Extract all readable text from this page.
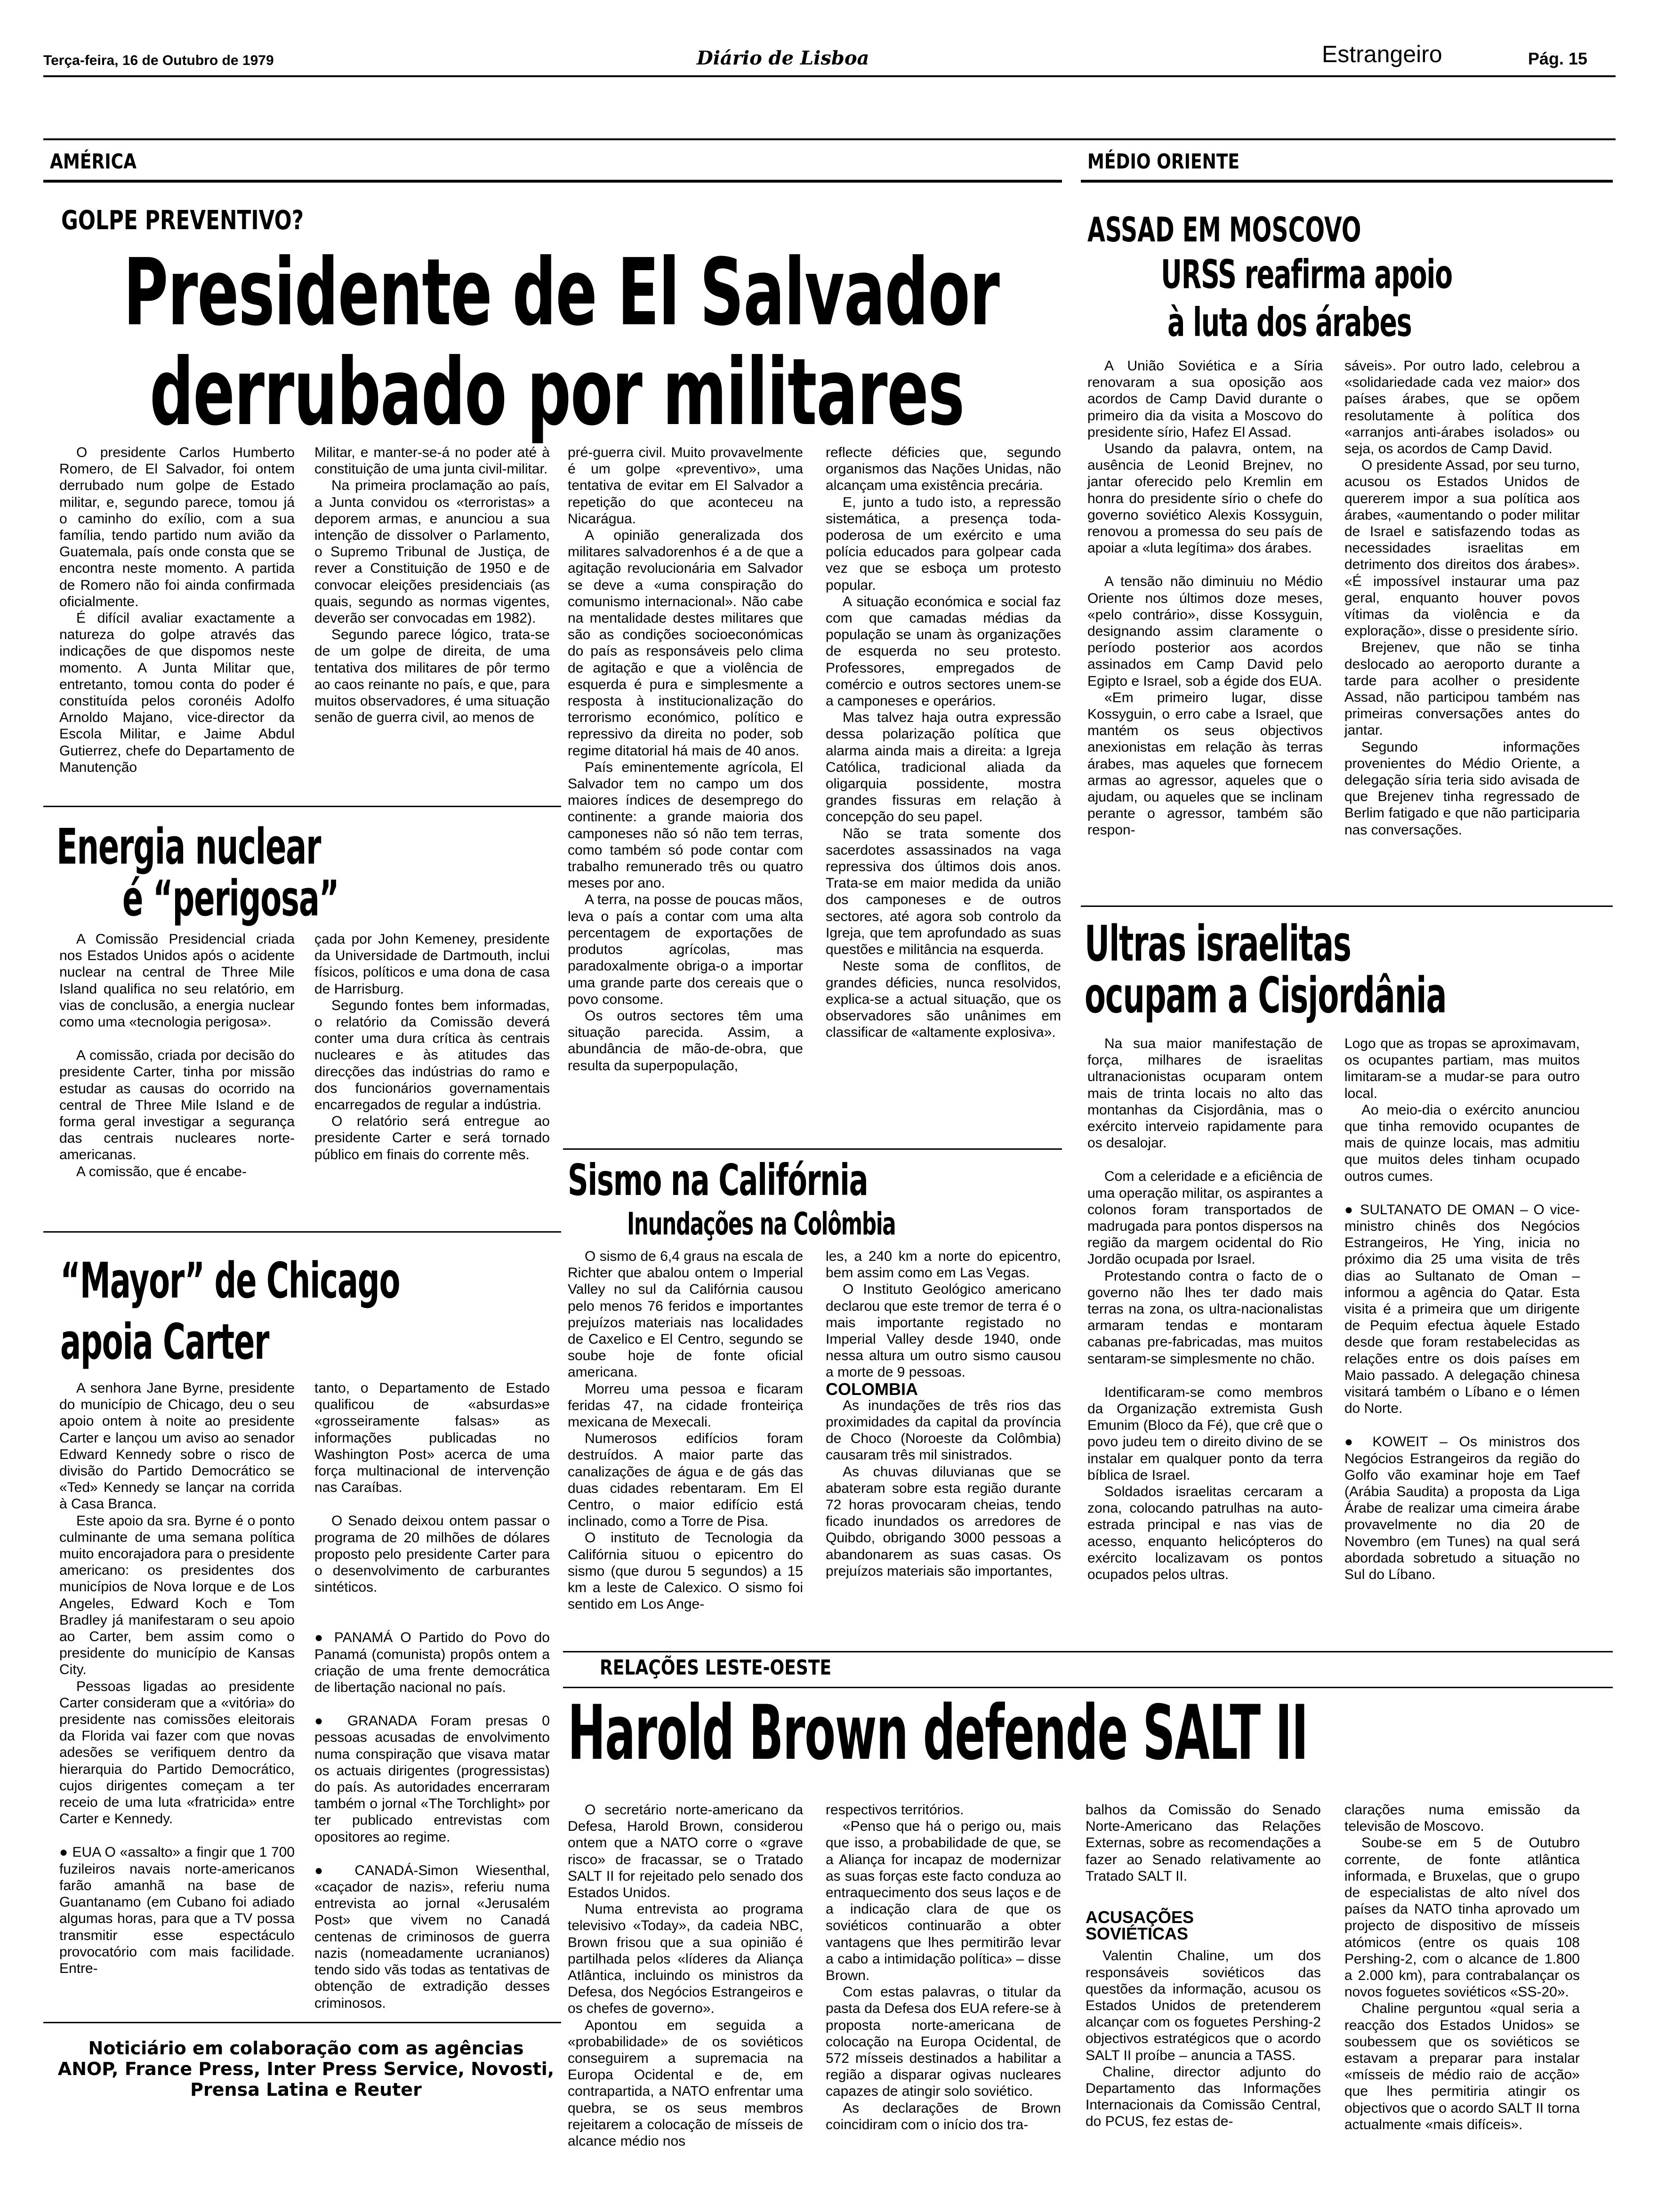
Terça-feira, 16 de Outubro de 1979	Diário de Lisboa	Estrangeiro	Pág. 15
AMÉRICA
GOLPE PREVENTIVO?
Presidente de El Salvador
derrubado por militares

O presidente Carlos Humberto Romero, de El Salvador, foi ontem derrubado num golpe de Estado militar, e, segundo parece, tomou já o caminho do exílio, com a sua família, tendo partido num avião da Guatemala, país onde consta que se encontra neste momento. A partida de Romero não foi ainda confirmada oficialmente.

É difícil avaliar exactamente a natureza do golpe através das indicações de que dispomos neste momento. A Junta Militar que, entretanto, tomou conta do poder é constituída pelos coronéis Adolfo Arnoldo Majano, vice-director da Escola Militar, e Jaime Abdul Gutierrez, chefe do Departamento de Manutenção

Militar, e manter-se-á no poder até à constituição de uma junta civil-militar.

Na primeira proclamação ao país, a Junta convidou os «terroristas» a deporem armas, e anunciou a sua intenção de dissolver o Parlamento, o Supremo Tribunal de Justiça, de rever a Constituição de 1950 e de convocar eleições presidenciais (as quais, segundo as normas vigentes, deverão ser convocadas em 1982).

Segundo parece lógico, trata-se de um golpe de direita, de uma tentativa dos militares de pôr termo ao caos reinante no país, e que, para muitos observadores, é uma situação senão de guerra civil, ao menos de

pré-guerra civil. Muito provavelmente é um golpe «preventivo», uma tentativa de evitar em El Salvador a repetição do que aconteceu na Nicarágua.

A opinião generalizada dos militares salvadorenhos é a de que a agitação revolucionária em Salvador se deve a «uma conspiração do comunismo internacional». Não cabe na mentalidade destes militares que são as condições socioeconómicas do país as responsáveis pelo clima de agitação e que a violência de esquerda é pura e simplesmente a resposta à institucionalização do terrorismo económico, político e repressivo da direita no poder, sob regime ditatorial há mais de 40 anos.

País eminentemente agrícola, El Salvador tem no campo um dos maiores índices de desemprego do continente: a grande maioria dos camponeses não só não tem terras, como também só pode contar com trabalho remunerado três ou quatro meses por ano.

A terra, na posse de poucas mãos, leva o país a contar com uma alta percentagem de exportações de produtos agrícolas, mas paradoxalmente obriga-o a importar uma grande parte dos cereais que o povo consome.

Os outros sectores têm uma situação parecida. Assim, a abundância de mão-de-obra, que resulta da superpopulação,

reflecte déficies que, segundo organismos das Nações Unidas, não alcançam uma existência precária.

E, junto a tudo isto, a repressão sistemática, a presença toda-poderosa de um exército e uma polícia educados para golpear cada vez que se esboça um protesto popular.

A situação económica e social faz com que camadas médias da população se unam às organizações de esquerda no seu protesto. Professores, empregados de comércio e outros sectores unem-se a camponeses e operários.

Mas talvez haja outra expressão dessa polarização política que alarma ainda mais a direita: a Igreja Católica, tradicional aliada da oligarquia possidente, mostra grandes fissuras em relação à concepção do seu papel.

Não se trata somente dos sacerdotes assassinados na vaga repressiva dos últimos dois anos. Trata-se em maior medida da união dos camponeses e de outros sectores, até agora sob controlo da Igreja, que tem aprofundado as suas questões e militância na esquerda.

Neste soma de conflitos, de grandes déficies, nunca resolvidos, explica-se a actual situação, que os observadores são unânimes em classificar de «altamente explosiva».

Energia nuclear
é “perigosa”

A Comissão Presidencial criada nos Estados Unidos após o acidente nuclear na central de Three Mile Island qualifica no seu relatório, em vias de conclusão, a energia nuclear como uma «tecnologia perigosa».

A comissão, criada por decisão do presidente Carter, tinha por missão estudar as causas do ocorrido na central de Three Mile Island e de forma geral investigar a segurança das centrais nucleares norte-americanas.

A comissão, que é encabe-

çada por John Kemeney, presidente da Universidade de Dartmouth, inclui físicos, políticos e uma dona de casa de Harrisburg.

Segundo fontes bem informadas, o relatório da Comissão deverá conter uma dura crítica às centrais nucleares e às atitudes das direcções das indústrias do ramo e dos funcionários governamentais encarregados de regular a indústria.

O relatório será entregue ao presidente Carter e será tornado público em finais do corrente mês.

“Mayor” de Chicago
apoia Carter

A senhora Jane Byrne, presidente do município de Chicago, deu o seu apoio ontem à noite ao presidente Carter e lançou um aviso ao senador Edward Kennedy sobre o risco de divisão do Partido Democrático se «Ted» Kennedy se lançar na corrida à Casa Branca.

Este apoio da sra. Byrne é o ponto culminante de uma semana política muito encorajadora para o presidente americano: os presidentes dos municípios de Nova Iorque e de Los Angeles, Edward Koch e Tom Bradley já manifestaram o seu apoio ao Carter, bem assim como o presidente do município de Kansas City.

Pessoas ligadas ao presidente Carter consideram que a «vitória» do presidente nas comissões eleitorais da Florida vai fazer com que novas adesões se verifiquem dentro da hierarquia do Partido Democrático, cujos dirigentes começam a ter receio de uma luta «fratricida» entre Carter e Kennedy.

● EUA O «assalto» a fingir que 1 700 fuzileiros navais norte-americanos farão amanhã na base de Guantanamo (em Cubano foi adiado algumas horas, para que a TV possa transmitir esse espectáculo provocatório com mais facilidade. Entre-

tanto, o Departamento de Estado qualificou de «absurdas»e «grosseiramente falsas» as informações publicadas no Washington Post» acerca de uma força multinacional de intervenção nas Caraíbas.

O Senado deixou ontem passar o programa de 20 milhões de dólares proposto pelo presidente Carter para o desenvolvimento de carburantes sintéticos.

● PANAMÁ O Partido do Povo do Panamá (comunista) propôs ontem a criação de uma frente democrática de libertação nacional no país.

● GRANADA Foram presas 0 pessoas acusadas de envolvimento numa conspiração que visava matar os actuais dirigentes (progressistas) do país. As autoridades encerraram também o jornal «The Torchlight» por ter publicado entrevistas com opositores ao regime.

● CANADÁ-Simon Wiesenthal, «caçador de nazis», referiu numa entrevista ao jornal «Jerusalém Post» que vivem no Canadá centenas de criminosos de guerra nazis (nomeadamente ucranianos) tendo sido vãs todas as tentativas de obtenção de extradição desses criminosos.

Noticiário em colaboração com as agências ANOP, France Press, Inter Press Service, Novosti, Prensa Latina e Reuter
Sismo na Califórnia
Inundações na Colômbia

O sismo de 6,4 graus na escala de Richter que abalou ontem o Imperial Valley no sul da Califórnia causou pelo menos 76 feridos e importantes prejuízos materiais nas localidades de Caxelico e El Centro, segundo se soube hoje de fonte oficial americana.

Morreu uma pessoa e ficaram feridas 47, na cidade fronteiriça mexicana de Mexecali.

Numerosos edifícios foram destruídos. A maior parte das canalizações de água e de gás das duas cidades rebentaram. Em El Centro, o maior edifício está inclinado, como a Torre de Pisa.

O instituto de Tecnologia da Califórnia situou o epicentro do sismo (que durou 5 segundos) a 15 km a leste de Calexico. O sismo foi sentido em Los Ange-

les, a 240 km a norte do epicentro, bem assim como em Las Vegas.

O Instituto Geológico americano declarou que este tremor de terra é o mais importante registado no Imperial Valley desde 1940, onde nessa altura um outro sismo causou a morte de 9 pessoas.

COLOMBIA

As inundações de três rios das proximidades da capital da província de Choco (Noroeste da Colômbia) causaram três mil sinistrados.

As chuvas diluvianas que se abateram sobre esta região durante 72 horas provocaram cheias, tendo ficado inundados os arredores de Quibdo, obrigando 3000 pessoas a abandonarem as suas casas. Os prejuízos materiais são importantes,

MÉDIO ORIENTE
ASSAD EM MOSCOVO
URSS reafirma apoio
à luta dos árabes

A União Soviética e a Síria renovaram a sua oposição aos acordos de Camp David durante o primeiro dia da visita a Moscovo do presidente sírio, Hafez El Assad.

Usando da palavra, ontem, na ausência de Leonid Brejnev, no jantar oferecido pelo Kremlin em honra do presidente sírio o chefe do governo soviético Alexis Kossyguin, renovou a promessa do seu país de apoiar a «luta legítima» dos árabes.

A tensão não diminuiu no Médio Oriente nos últimos doze meses, «pelo contrário», disse Kossyguin, designando assim claramente o período posterior aos acordos assinados em Camp David pelo Egipto e Israel, sob a égide dos EUA.

«Em primeiro lugar, disse Kossyguin, o erro cabe a Israel, que mantém os seus objectivos anexionistas em relação às terras árabes, mas aqueles que fornecem armas ao agressor, aqueles que o ajudam, ou aqueles que se inclinam perante o agressor, também são respon-

sáveis». Por outro lado, celebrou a «solidariedade cada vez maior» dos países árabes, que se opõem resolutamente à política dos «arranjos anti-árabes isolados» ou seja, os acordos de Camp David.

O presidente Assad, por seu turno, acusou os Estados Unidos de quererem impor a sua política aos árabes, «aumentando o poder militar de Israel e satisfazendo todas as necessidades israelitas em detrimento dos direitos dos árabes». «É impossível instaurar uma paz geral, enquanto houver povos vítimas da violência e da exploração», disse o presidente sírio.

Brejenev, que não se tinha deslocado ao aeroporto durante a tarde para acolher o presidente Assad, não participou também nas primeiras conversações antes do jantar.

Segundo informações provenientes do Médio Oriente, a delegação síria teria sido avisada de que Brejenev tinha regressado de Berlim fatigado e que não participaria nas conversações.

Ultras israelitas
ocupam a Cisjordânia

Na sua maior manifestação de força, milhares de israelitas ultranacionistas ocuparam ontem mais de trinta locais no alto das montanhas da Cisjordânia, mas o exército interveio rapidamente para os desalojar.

Com a celeridade e a eficiência de uma operação militar, os aspirantes a colonos foram transportados de madrugada para pontos dispersos na região da margem ocidental do Rio Jordão ocupada por Israel.

Protestando contra o facto de o governo não lhes ter dado mais terras na zona, os ultra-nacionalistas armaram tendas e montaram cabanas pre-fabricadas, mas muitos sentaram-se simplesmente no chão.

Identificaram-se como membros da Organização extremista Gush Emunim (Bloco da Fé), que crê que o povo judeu tem o direito divino de se instalar em qualquer ponto da terra bíblica de Israel.

Soldados israelitas cercaram a zona, colocando patrulhas na auto-estrada principal e nas vias de acesso, enquanto helicópteros do exército localizavam os pontos ocupados pelos ultras.

Logo que as tropas se aproximavam, os ocupantes partiam, mas muitos limitaram-se a mudar-se para outro local.

Ao meio-dia o exército anunciou que tinha removido ocupantes de mais de quinze locais, mas admitiu que muitos deles tinham ocupado outros cumes.

● SULTANATO DE OMAN – O vice-ministro chinês dos Negócios Estrangeiros, He Ying, inicia no próximo dia 25 uma visita de três dias ao Sultanato de Oman – informou a agência do Qatar. Esta visita é a primeira que um dirigente de Pequim efectua àquele Estado desde que foram restabelecidas as relações entre os dois países em Maio passado. A delegação chinesa visitará também o Líbano e o Iémen do Norte.

● KOWEIT – Os ministros dos Negócios Estrangeiros da região do Golfo vão examinar hoje em Taef (Arábia Saudita) a proposta da Liga Árabe de realizar uma cimeira árabe provavelmente no dia 20 de Novembro (em Tunes) na qual será abordada sobretudo a situação no Sul do Líbano.

RELAÇÕES LESTE-OESTE
Harold Brown defende SALT II

O secretário norte-americano da Defesa, Harold Brown, considerou ontem que a NATO corre o «grave risco» de fracassar, se o Tratado SALT II for rejeitado pelo senado dos Estados Unidos.

Numa entrevista ao programa televisivo «Today», da cadeia NBC, Brown frisou que a sua opinião é partilhada pelos «líderes da Aliança Atlântica, incluindo os ministros da Defesa, dos Negócios Estrangeiros e os chefes de governo».

Apontou em seguida a «probabilidade» de os soviéticos conseguirem a supremacia na Europa Ocidental e de, em contrapartida, a NATO enfrentar uma quebra, se os seus membros rejeitarem a colocação de mísseis de alcance médio nos

respectivos territórios.

«Penso que há o perigo ou, mais que isso, a probabilidade de que, se a Aliança for incapaz de modernizar as suas forças este facto conduza ao entraquecimento dos seus laços e de a indicação clara de que os soviéticos continuarão a obter vantagens que lhes permitirão levar a cabo a intimidação política» – disse Brown.

Com estas palavras, o titular da pasta da Defesa dos EUA refere-se à proposta norte-americana de colocação na Europa Ocidental, de 572 mísseis destinados a habilitar a região a disparar ogivas nucleares capazes de atingir solo soviético.

As declarações de Brown coincidiram com o início dos tra-

balhos da Comissão do Senado Norte-Americano das Relações Externas, sobre as recomendações a fazer ao Senado relativamente ao Tratado SALT II.

ACUSAÇÕES

SOVIÉTICAS

Valentin Chaline, um dos responsáveis soviéticos das questões da informação, acusou os Estados Unidos de pretenderem alcançar com os foguetes Pershing-2 objectivos estratégicos que o acordo SALT II proíbe – anuncia a TASS.

Chaline, director adjunto do Departamento das Informações Internacionais da Comissão Central, do PCUS, fez estas de-

clarações numa emissão da televisão de Moscovo.

Soube-se em 5 de Outubro corrente, de fonte atlântica informada, e Bruxelas, que o grupo de especialistas de alto nível dos países da NATO tinha aprovado um projecto de dispositivo de mísseis atómicos (entre os quais 108 Pershing-2, com o alcance de 1.800 a 2.000 km), para contrabalançar os novos foguetes soviéticos «SS-20».

Chaline perguntou «qual seria a reacção dos Estados Unidos» se soubessem que os soviéticos se estavam a preparar para instalar «mísseis de médio raio de acção» que lhes permitiria atingir os objectivos que o acordo SALT II torna actualmente «mais difíceis».
